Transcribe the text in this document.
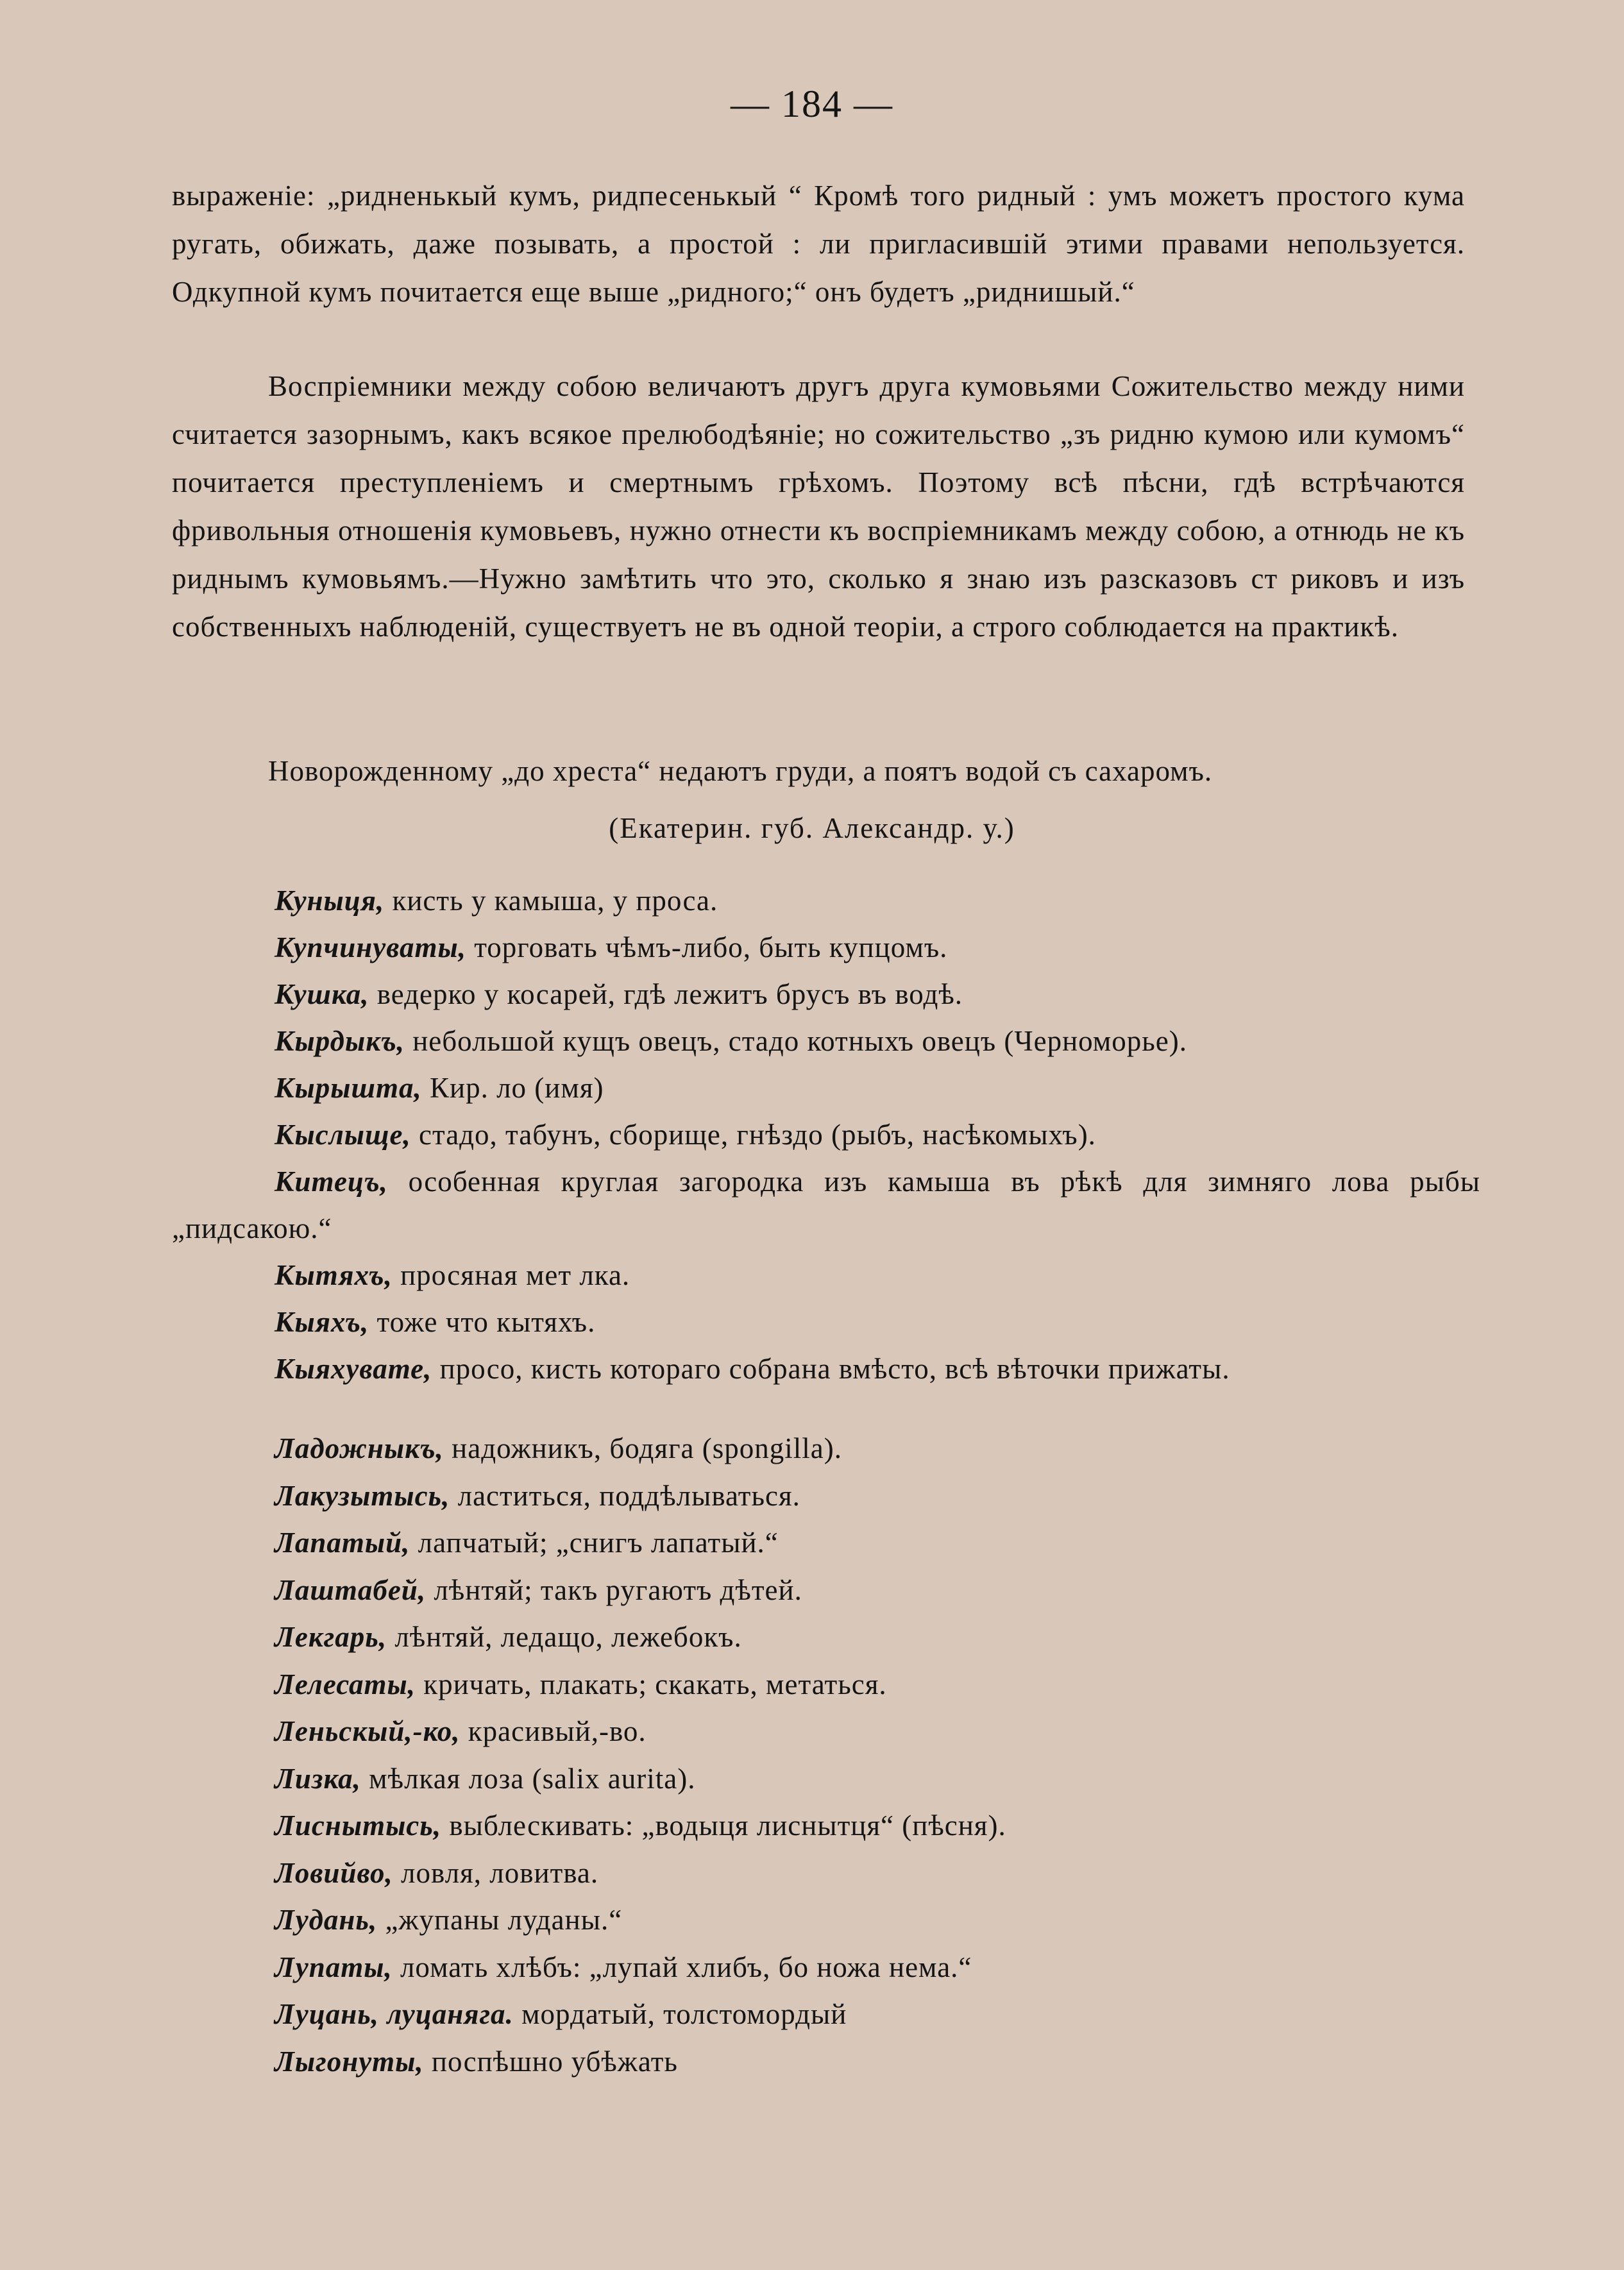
— 184 —

выраженіе: „ридненькый кумъ, ридпесенькый “ Кромѣ того ридный : умъ можетъ простого кума ругать, обижать, даже позывать, а простой : ли пригласившій этими правами непользуется. Одкупной кумъ почитается еще выше „ридного;“ онъ будетъ „риднишый.“

Воспріемники между собою величаютъ другъ друга кумовьями Сожительство между ними считается зазорнымъ, какъ всякое прелюбодѣяніе; но сожительство „зъ ридню кумою или кумомъ“ почитается преступленіемъ и смертнымъ грѣхомъ. Поэтому всѣ пѣсни, гдѣ встрѣчаются фривольныя отношенія кумовьевъ, нужно отнести къ воспріемникамъ между собою, а отнюдь не къ риднымъ кумовьямъ.—Нужно замѣтить что это, сколько я знаю изъ разсказовъ ст риковъ и изъ собственныхъ наблюденій, существуетъ не въ одной теоріи, а строго соблюдается на практикѣ.

Новорожденному „до хреста“ недаютъ груди, а поятъ водой съ сахаромъ.

(Екатерин. губ. Александр. у.)

Куныця, кисть у камыша, у проса.

Купчинуваты, торговать чѣмъ-либо, быть купцомъ.

Кушка, ведерко у косарей, гдѣ лежитъ брусъ въ водѣ.

Кырдыкъ, небольшой кущъ овецъ, стадо котныхъ овецъ (Черноморье).

Кырышта, Кир. ло (имя)

Кыслыще, стадо, табунъ, сборище, гнѣздо (рыбъ, насѣкомыхъ).

Китецъ, особенная круглая загородка изъ камыша въ рѣкѣ для зимняго лова рыбы „пидсакою.“

Кытяхъ, просяная мет лка.

Кыяхъ, тоже что кытяхъ.

Кыяхувате, просо, кисть котораго собрана вмѣсто, всѣ вѣточки прижаты.

Ладожныкъ, надожникъ, бодяга (spongilla).

Лакузытысь, ластиться, поддѣлываться.

Лапатый, лапчатый; „снигъ лапатый.“

Лаштабей, лѣнтяй; такъ ругаютъ дѣтей.

Лекгарь, лѣнтяй, ледащо, лежебокъ.

Лелесаты, кричать, плакать; скакать, метаться.

Леньскый,-ко, красивый,-во.

Лизка, мѣлкая лоза (salix aurita).

Лиснытысь, выблескивать: „водыця лиснытця“ (пѣсня).

Ловийво, ловля, ловитва.

Лудань, „жупаны луданы.“

Лупаты, ломать хлѣбъ: „лупай хлибъ, бо ножа нема.“

Луцань, луцаняга. мордатый, толстомордый

Лыгонуты, поспѣшно убѣжать
